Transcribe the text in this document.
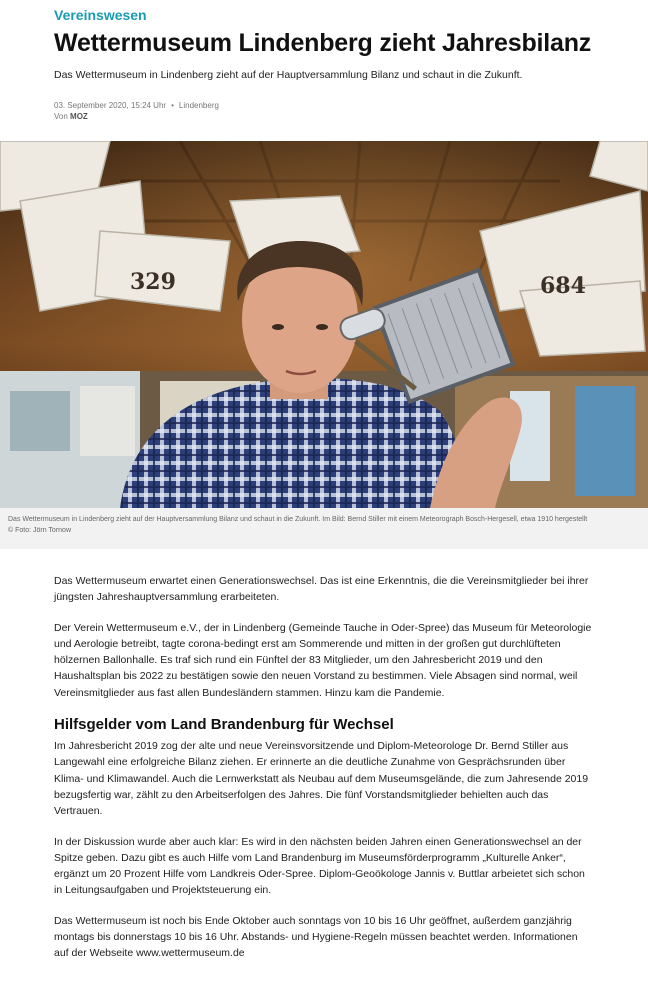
Vereinswesen
Wettermuseum Lindenberg zieht Jahresbilanz

Das Wettermuseum in Lindenberg zieht auf der Hauptversammlung Bilanz und schaut in die Zukunft.

03. September 2020, 15:24 Uhr • Lindenberg
Von MOZ
329	684
Das Wettermuseum in Lindenberg zieht auf der Hauptversammlung Bilanz und schaut in die Zukunft. Im Bild: Bernd Stiller mit einem Meteorograph Bosch-Hergesell, etwa 1910 hergestellt
© Foto: Jörn Tornow

Das Wettermuseum erwartet einen Generationswechsel. Das ist eine Erkenntnis, die die Vereinsmitglieder bei ihrer jüngsten Jahreshauptversammlung erarbeiteten.

Der Verein Wettermuseum e.V., der in Lindenberg (Gemeinde Tauche in Oder-Spree) das Museum für Meteorologie und Aerologie betreibt, tagte corona-bedingt erst am Sommerende und mitten in der großen gut durchlüfteten hölzernen Ballonhalle. Es traf sich rund ein Fünftel der 83 Mitglieder, um den Jahresbericht 2019 und den Haushaltsplan bis 2022 zu bestätigen sowie den neuen Vorstand zu bestimmen. Viele Absagen sind normal, weil Vereinsmitglieder aus fast allen Bundesländern stammen. Hinzu kam die Pandemie.

Hilfsgelder vom Land Brandenburg für Wechsel

Im Jahresbericht 2019 zog der alte und neue Vereinsvorsitzende und Diplom-Meteorologe Dr. Bernd Stiller aus Langewahl eine erfolgreiche Bilanz ziehen. Er erinnerte an die deutliche Zunahme von Gesprächsrunden über Klima- und Klimawandel. Auch die Lernwerkstatt als Neubau auf dem Museumsgelände, die zum Jahresende 2019 bezugsfertig war, zählt zu den Arbeitserfolgen des Jahres. Die fünf Vorstandsmitglieder behielten auch das Vertrauen.

In der Diskussion wurde aber auch klar: Es wird in den nächsten beiden Jahren einen Generationswechsel an der Spitze geben. Dazu gibt es auch Hilfe vom Land Brandenburg im Museumsförderprogramm „Kulturelle Anker“, ergänzt um 20 Prozent Hilfe vom Landkreis Oder-Spree. Diplom-Geoökologe Jannis v. Buttlar arbeietet sich schon in Leitungsaufgaben und Projektsteuerung ein.

Das Wettermuseum ist noch bis Ende Oktober auch sonntags von 10 bis 16 Uhr geöffnet, außerdem ganzjährig montags bis donnerstags 10 bis 16 Uhr. Abstands- und Hygiene-Regeln müssen beachtet werden. Informationen auf der Webseite www.wettermuseum.de
